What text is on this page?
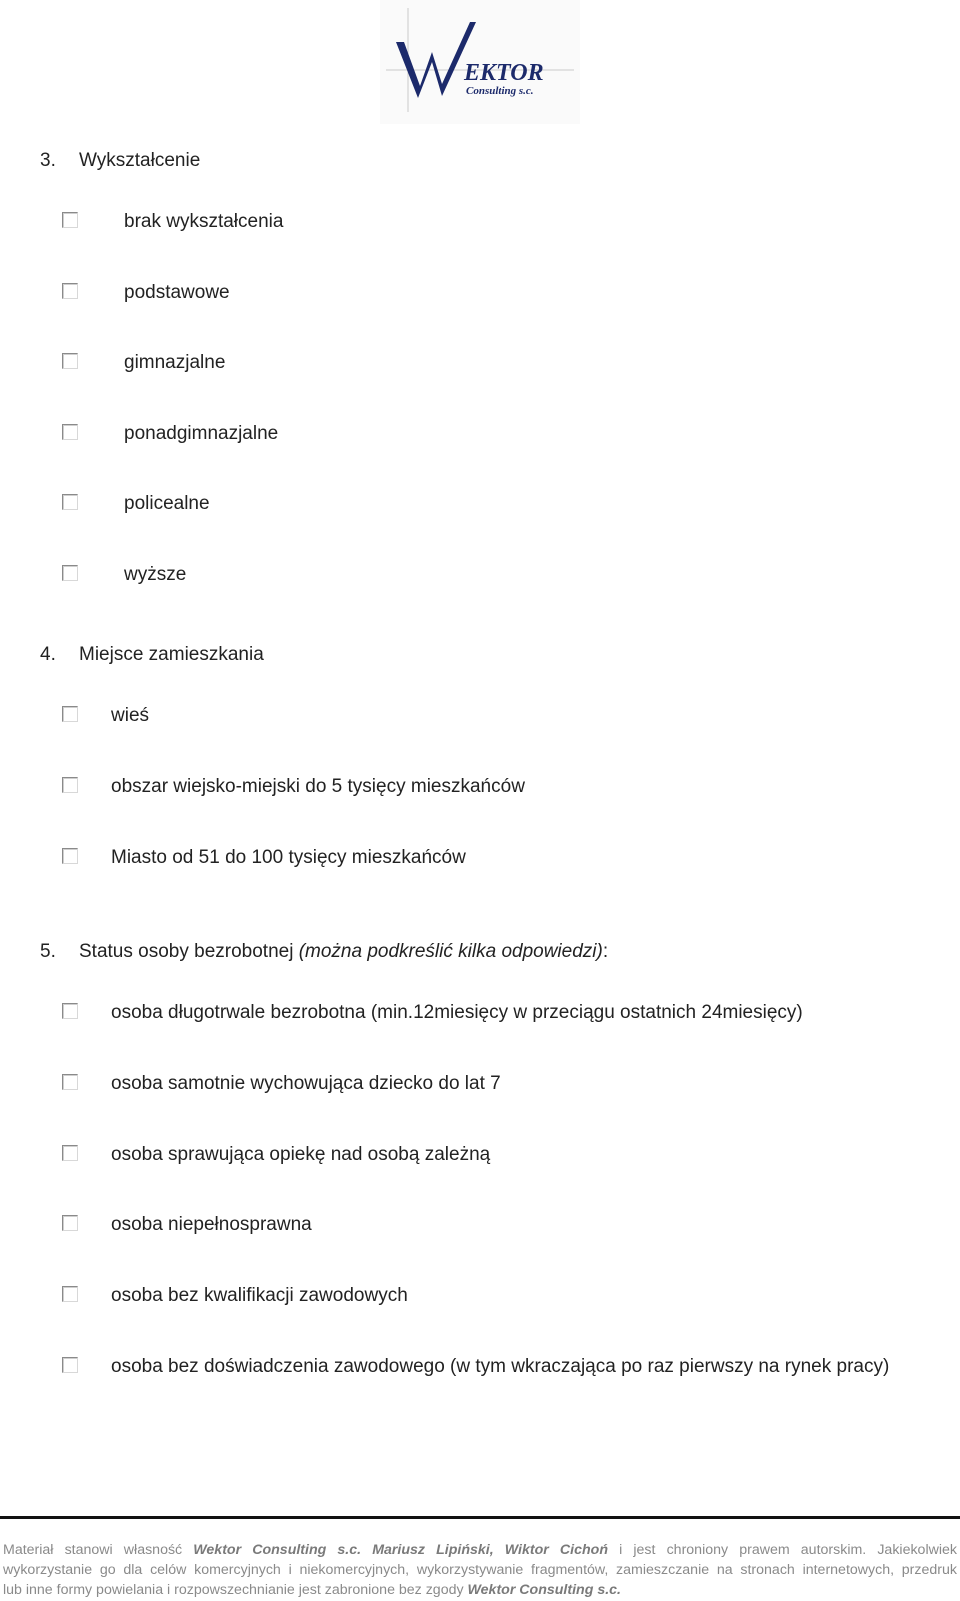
EKTOR
Consulting s.c.
3. Wykształcenie
brak wykształcenia
podstawowe
gimnazjalne
ponadgimnazjalne
policealne
wyższe
4. Miejsce zamieszkania
wieś
obszar wiejsko-miejski do 5 tysięcy mieszkańców
Miasto od 51 do 100 tysięcy mieszkańców
5. Status osoby bezrobotnej (można podkreślić kilka odpowiedzi):
osoba długotrwale bezrobotna (min.12miesięcy w przeciągu ostatnich 24miesięcy)
osoba samotnie wychowująca dziecko do lat 7
osoba sprawująca opiekę nad osobą zależną
osoba niepełnosprawna
osoba bez kwalifikacji zawodowych
osoba bez doświadczenia zawodowego (w tym wkraczająca po raz pierwszy na rynek pracy)
Materiał stanowi własność Wektor Consulting s.c. Mariusz Lipiński, Wiktor Cichoń i jest chroniony prawem autorskim. Jakiekolwiek
wykorzystanie go dla celów komercyjnych i niekomercyjnych, wykorzystywanie fragmentów, zamieszczanie na stronach internetowych, przedruk
lub inne formy powielania i rozpowszechnianie jest zabronione bez zgody Wektor Consulting s.c.
